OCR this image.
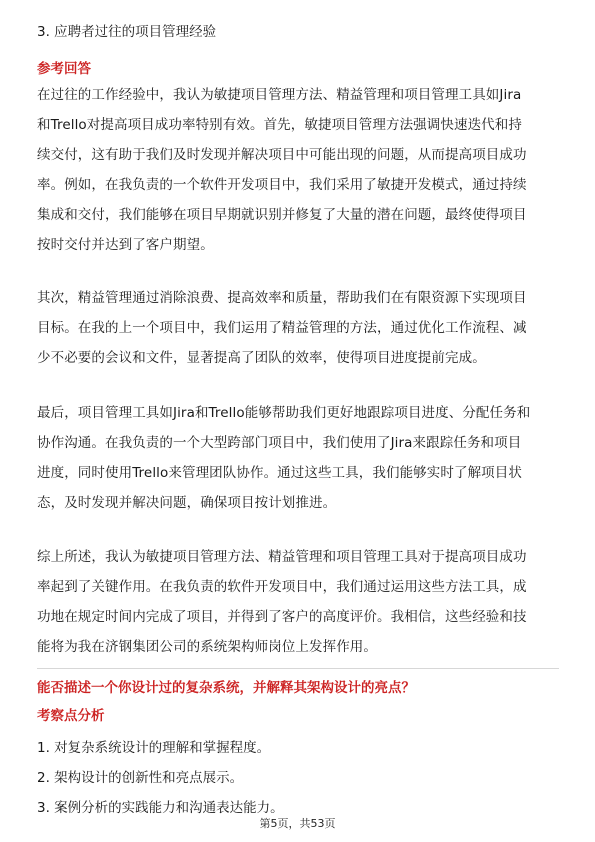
3. 应聘者过往的项目管理经验
参考回答
在过往的工作经验中，我认为敏捷项目管理方法、精益管理和项目管理工具如Jira
和Trello对提高项目成功率特别有效。首先，敏捷项目管理方法强调快速迭代和持
续交付，这有助于我们及时发现并解决项目中可能出现的问题，从而提高项目成功
率。例如，在我负责的一个软件开发项目中，我们采用了敏捷开发模式，通过持续
集成和交付，我们能够在项目早期就识别并修复了大量的潜在问题，最终使得项目
按时交付并达到了客户期望。
其次，精益管理通过消除浪费、提高效率和质量，帮助我们在有限资源下实现项目
目标。在我的上一个项目中，我们运用了精益管理的方法，通过优化工作流程、减
少不必要的会议和文件，显著提高了团队的效率，使得项目进度提前完成。
最后，项目管理工具如Jira和Trello能够帮助我们更好地跟踪项目进度、分配任务和
协作沟通。在我负责的一个大型跨部门项目中，我们使用了Jira来跟踪任务和项目
进度，同时使用Trello来管理团队协作。通过这些工具，我们能够实时了解项目状
态，及时发现并解决问题，确保项目按计划推进。
综上所述，我认为敏捷项目管理方法、精益管理和项目管理工具对于提高项目成功
率起到了关键作用。在我负责的软件开发项目中，我们通过运用这些方法工具，成
功地在规定时间内完成了项目，并得到了客户的高度评价。我相信，这些经验和技
能将为我在济钢集团公司的系统架构师岗位上发挥作用。
能否描述一个你设计过的复杂系统，并解释其架构设计的亮点？
考察点分析
1. 对复杂系统设计的理解和掌握程度。
2. 架构设计的创新性和亮点展示。
3. 案例分析的实践能力和沟通表达能力。
第5页，共53页
